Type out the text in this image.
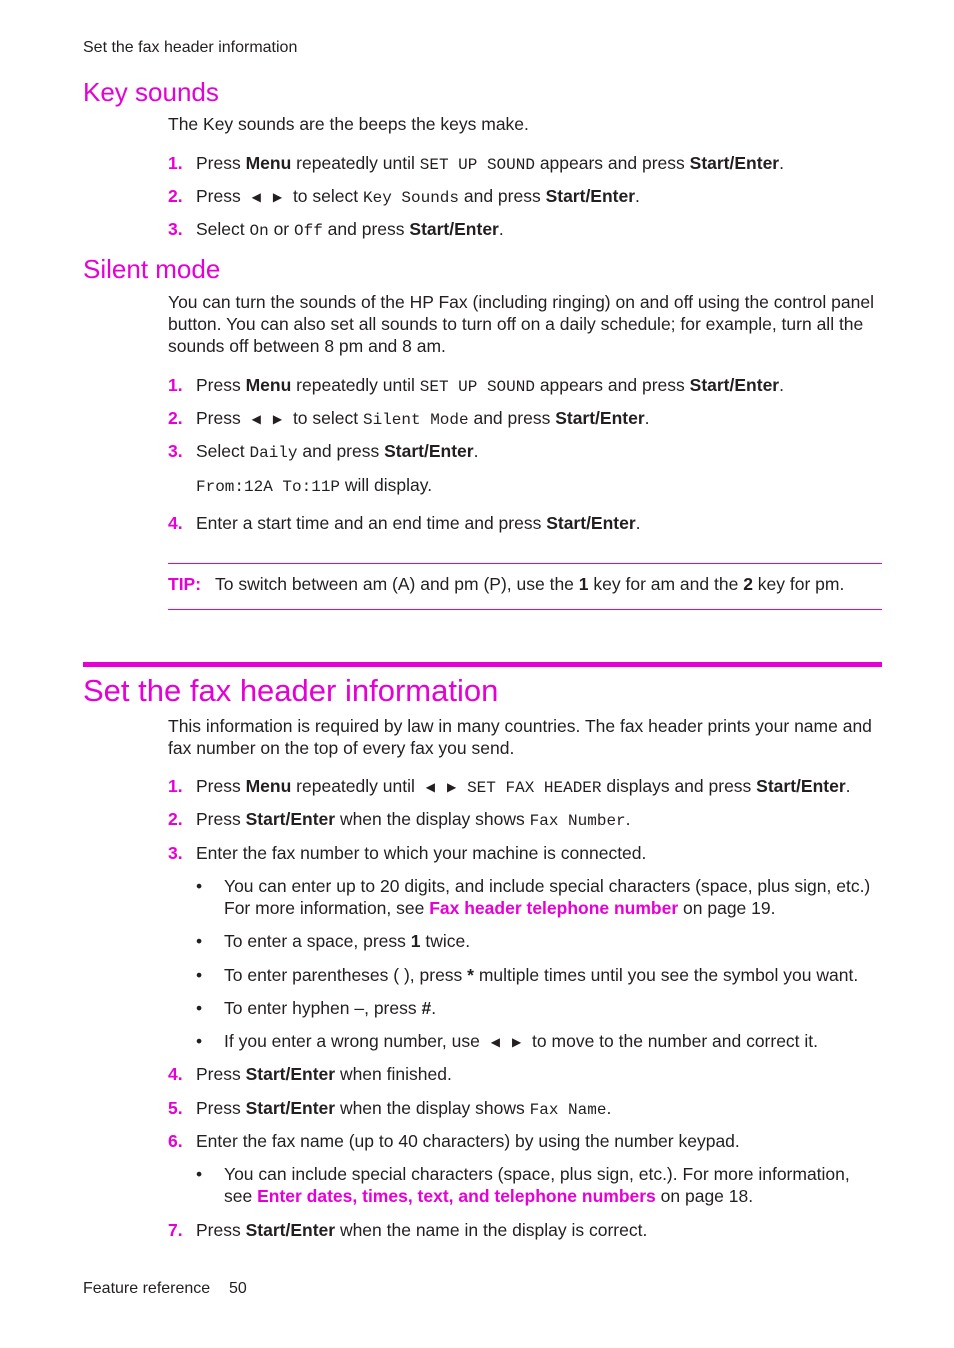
Set the fax header information
Key sounds
The Key sounds are the beeps the keys make.
1. Press Menu repeatedly until SET UP SOUND appears and press Start/Enter.
2. Press ◀ ▶ to select Key Sounds and press Start/Enter.
3. Select On or Off and press Start/Enter.
Silent mode
You can turn the sounds of the HP Fax (including ringing) on and off using the control panel button. You can also set all sounds to turn off on a daily schedule; for example, turn all the sounds off between 8 pm and 8 am.
1. Press Menu repeatedly until SET UP SOUND appears and press Start/Enter.
2. Press ◀ ▶ to select Silent Mode and press Start/Enter.
3. Select Daily and press Start/Enter.
From:12A To:11P will display.
4. Enter a start time and an end time and press Start/Enter.
TIP: To switch between am (A) and pm (P), use the 1 key for am and the 2 key for pm.
Set the fax header information
This information is required by law in many countries. The fax header prints your name and fax number on the top of every fax you send.
1. Press Menu repeatedly until ◀ ▶ SET FAX HEADER displays and press Start/Enter.
2. Press Start/Enter when the display shows Fax Number.
3. Enter the fax number to which your machine is connected.
• You can enter up to 20 digits, and include special characters (space, plus sign, etc.) For more information, see Fax header telephone number on page 19.
• To enter a space, press 1 twice.
• To enter parentheses ( ), press * multiple times until you see the symbol you want.
• To enter hyphen –, press #.
• If you enter a wrong number, use ◀ ▶ to move to the number and correct it.
4. Press Start/Enter when finished.
5. Press Start/Enter when the display shows Fax Name.
6. Enter the fax name (up to 40 characters) by using the number keypad.
• You can include special characters (space, plus sign, etc.). For more information, see Enter dates, times, text, and telephone numbers on page 18.
7. Press Start/Enter when the name in the display is correct.
Feature reference 50
